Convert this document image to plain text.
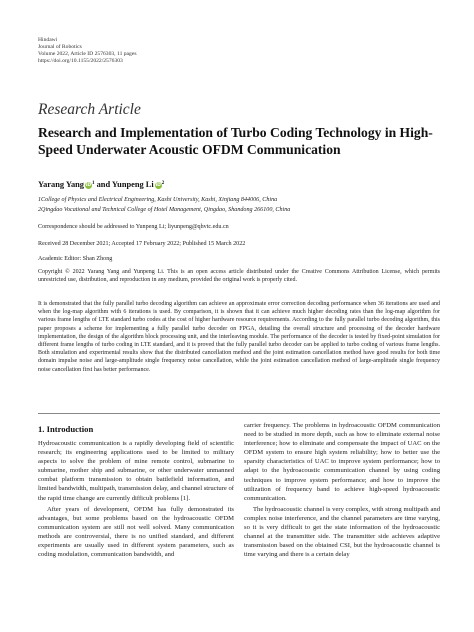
Hindawi
Journal of Robotics
Volume 2022, Article ID 2576303, 11 pages
https://doi.org/10.1155/2022/2576303
Research Article
Research and Implementation of Turbo Coding Technology in High-Speed Underwater Acoustic OFDM Communication
Yarang Yang $iD^1$ and Yunpeng Li $iD^2$
1College of Physics and Electrical Engineering, Kashi University, Kashi, Xinjiang 844006, China
2Qingdao Vocational and Technical College of Hotel Management, Qingdao, Shandong 266100, China
Correspondence should be addressed to Yunpeng Li; liyunpeng@qhvtc.edu.cn
Received 28 December 2021; Accepted 17 February 2022; Published 15 March 2022
Academic Editor: Shan Zhong
Copyright © 2022 Yarang Yang and Yunpeng Li. This is an open access article distributed under the Creative Commons Attribution License, which permits unrestricted use, distribution, and reproduction in any medium, provided the original work is properly cited.
It is demonstrated that the fully parallel turbo decoding algorithm can achieve an approximate error correction decoding performance when 36 iterations are used and when the log-map algorithm with 6 iterations is used. By comparison, it is shown that it can achieve much higher decoding rates than the log-map algorithm for various frame lengths of LTE standard turbo codes at the cost of higher hardware resource requirements. According to the fully parallel turbo decoding algorithm, this paper proposes a scheme for implementing a fully parallel turbo decoder on FPGA, detailing the overall structure and processing of the decoder hardware implementation, the design of the algorithm block processing unit, and the interleaving module. The performance of the decoder is tested by fixed-point simulation for different frame lengths of turbo coding in LTE standard, and it is proved that the fully parallel turbo decoder can be applied to turbo coding of various frame lengths. Both simulation and experimental results show that the distributed cancellation method and the joint estimation cancellation method have good results for both time domain impulse noise and large-amplitude single frequency noise cancellation, while the joint estimation cancellation method of large-amplitude single frequency noise cancellation first has better performance.
1. Introduction

Hydroacoustic communication is a rapidly developing field of scientific research; its engineering applications used to be limited to military aspects to solve the problem of mine remote control, submarine to submarine, mother ship and submarine, or other underwater unmanned combat platform transmission to obtain battlefield information, and limited bandwidth, multipath, transmission delay, and channel structure of the rapid time change are currently difficult problems [1].

After years of development, OFDM has fully demonstrated its advantages, but some problems based on the hydroacoustic OFDM communication system are still not well solved. Many communication methods are controversial, there is no unified standard, and different experiments are usually used in different system parameters, such as coding modulation, communication bandwidth, and

carrier frequency. The problems in hydroacoustic OFDM communication need to be studied in more depth, such as how to eliminate external noise interference; how to eliminate and compensate the impact of UAC on the OFDM system to ensure high system reliability; how to better use the sparsity characteristics of UAC to improve system performance; how to adapt to the hydroacoustic communication channel by using coding techniques to improve system performance; and how to improve the utilization of frequency band to achieve high-speed hydroacoustic communication.

The hydroacoustic channel is very complex, with strong multipath and complex noise interference, and the channel parameters are time varying, so it is very difficult to get the state information of the hydroacoustic channel at the transmitter side. The transmitter side achieves adaptive transmission based on the obtained CSI, but the hydroacoustic channel is time varying and there is a certain delay
